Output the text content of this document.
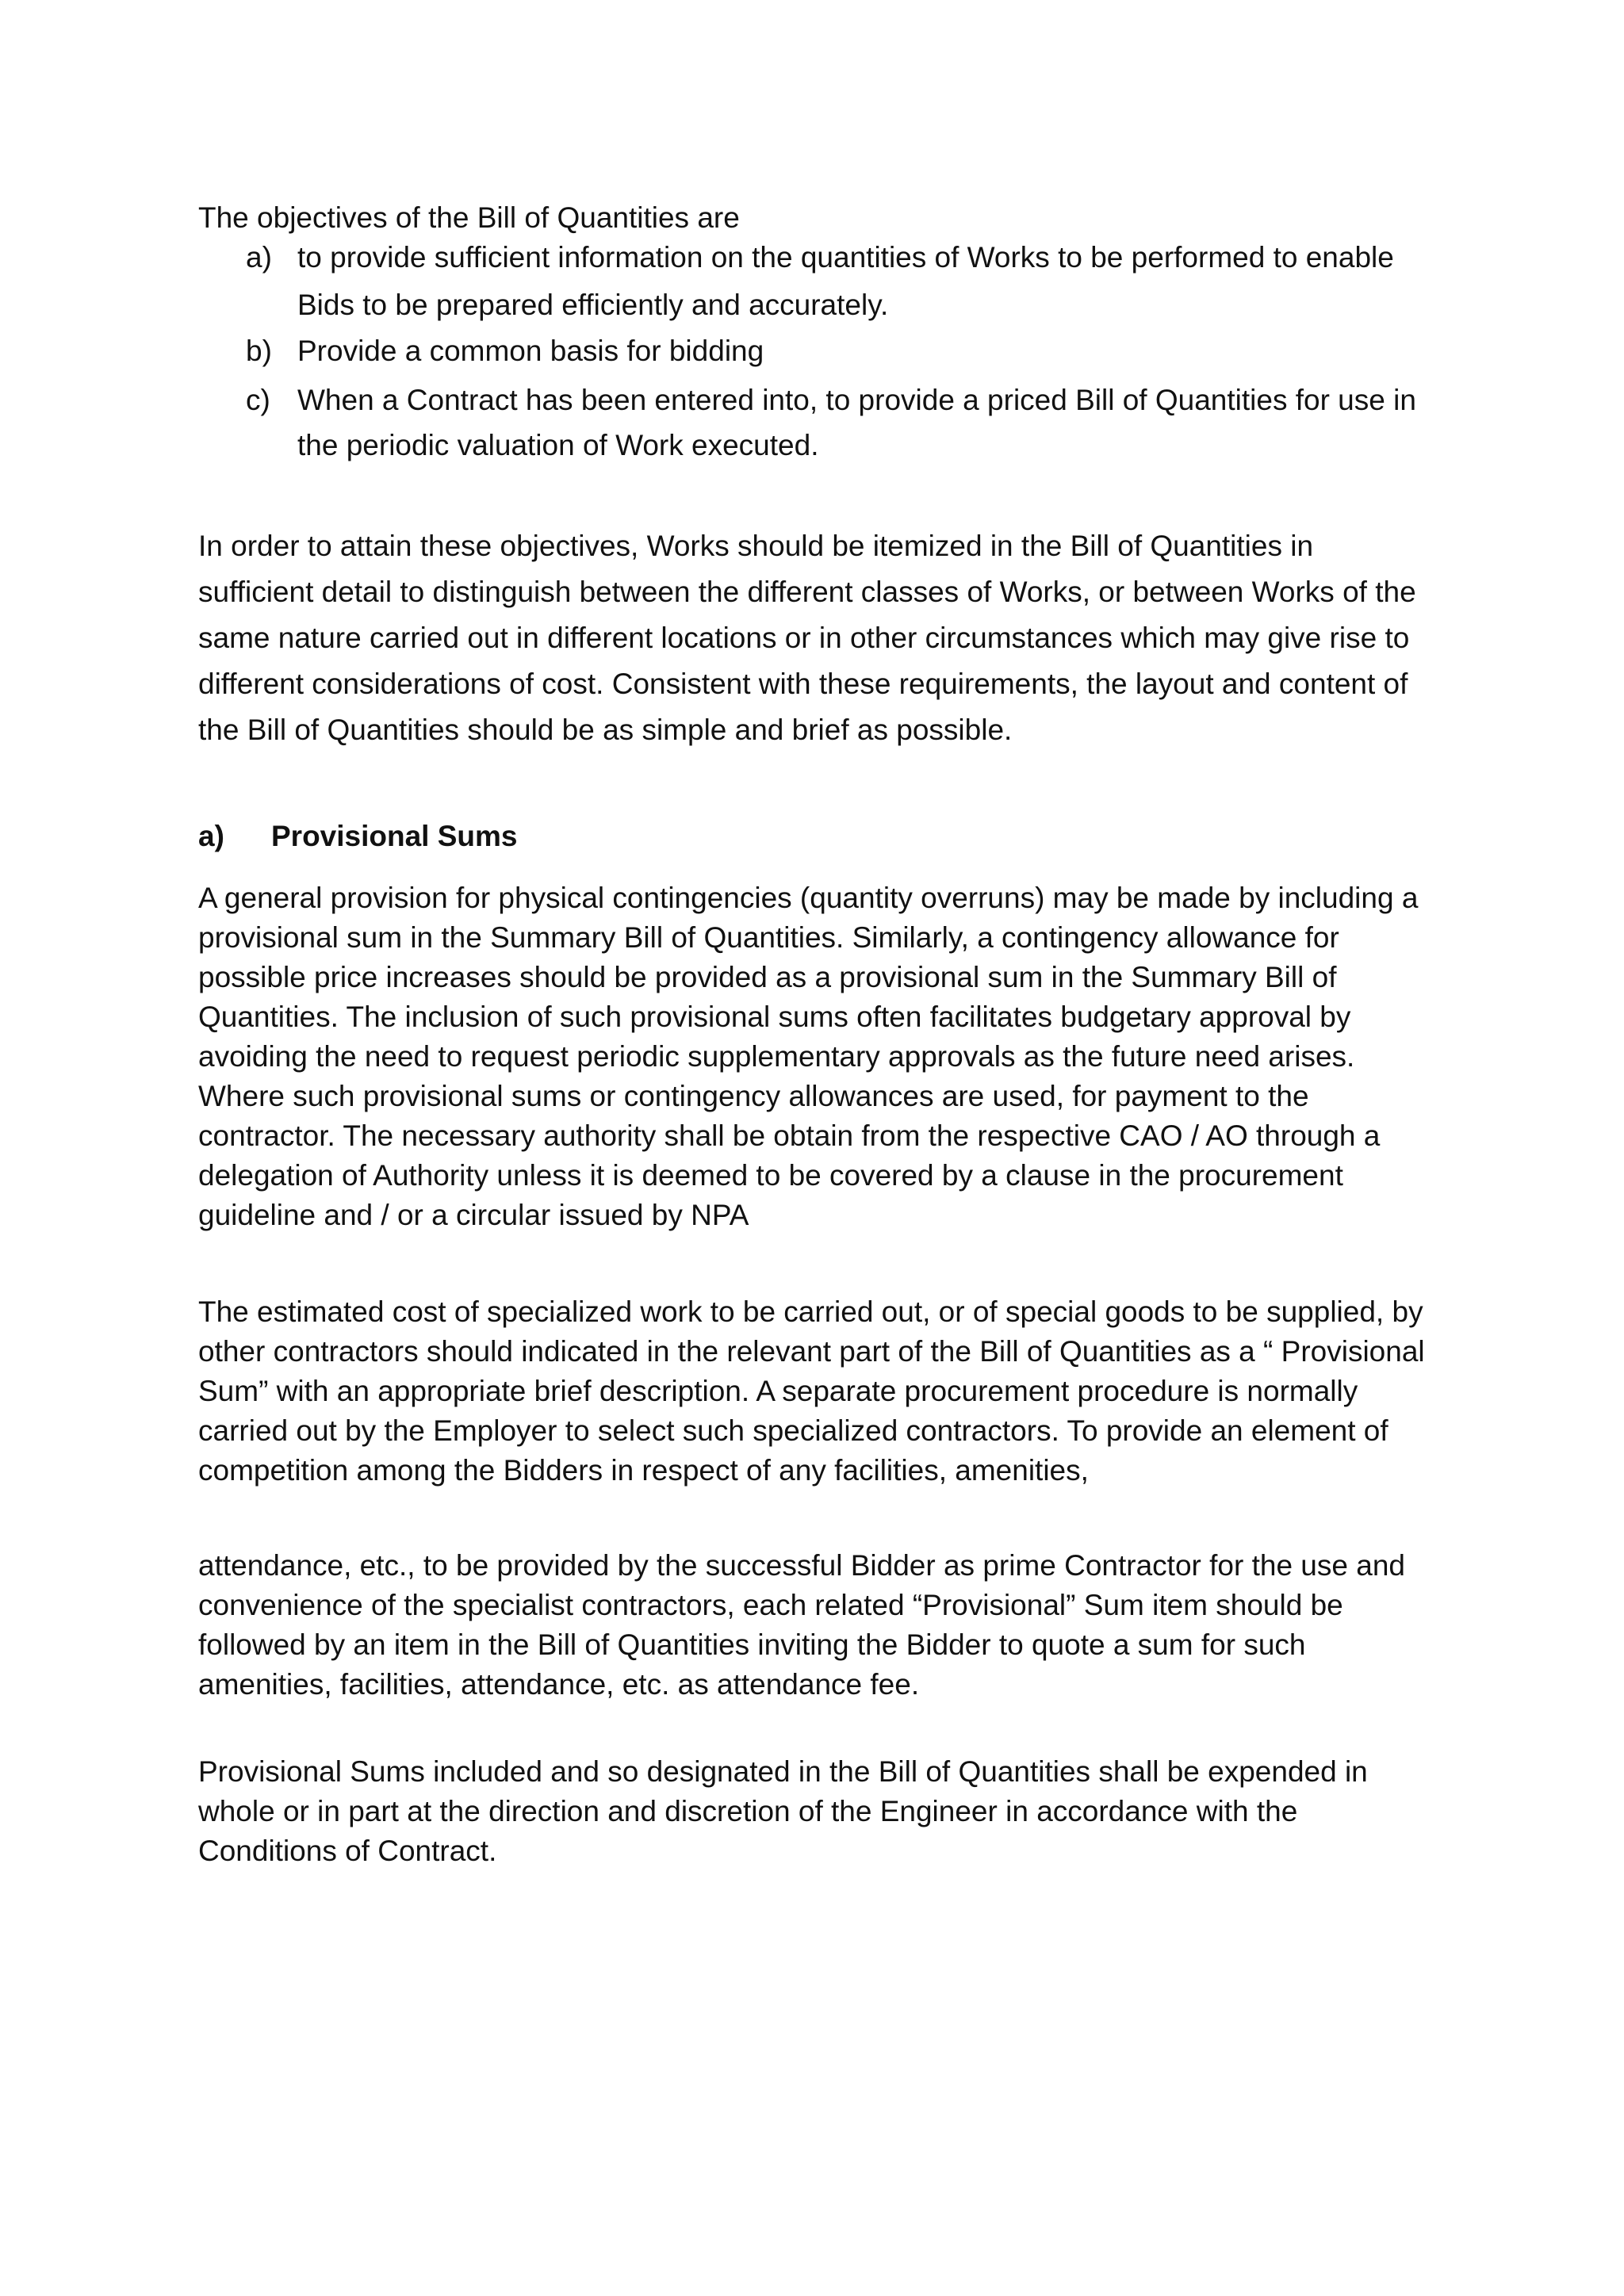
The objectives of the Bill of Quantities are

a) to provide sufficient information on the quantities of Works to be performed to enable
Bids to be prepared efficiently and accurately.
b) Provide a common basis for bidding
c) When a Contract has been entered into, to provide a priced Bill of Quantities for use in the periodic valuation of Work executed.

In order to attain these objectives, Works should be itemized in the Bill of Quantities in sufficient detail to distinguish between the different classes of Works, or between Works of the same nature carried out in different locations or in other circumstances which may give rise to different considerations of cost. Consistent with these requirements, the layout and content of the Bill of Quantities should be as simple and brief as possible.

a) Provisional Sums

A general provision for physical contingencies (quantity overruns) may be made by including a provisional sum in the Summary Bill of Quantities. Similarly, a contingency allowance for possible price increases should be provided as a provisional sum in the Summary Bill of Quantities. The inclusion of such provisional sums often facilitates budgetary approval by avoiding the need to request periodic supplementary approvals as the future need arises. Where such provisional sums or contingency allowances are used, for payment to the contractor. The necessary authority shall be obtain from the respective CAO / AO through a delegation of Authority unless it is deemed to be covered by a clause in the procurement guideline and / or a circular issued by NPA

The estimated cost of specialized work to be carried out, or of special goods to be supplied, by other contractors should indicated in the relevant part of the Bill of Quantities as a “ Provisional Sum” with an appropriate brief description. A separate procurement procedure is normally carried out by the Employer to select such specialized contractors. To provide an element of competition among the Bidders in respect of any facilities, amenities,

attendance, etc., to be provided by the successful Bidder as prime Contractor for the use and convenience of the specialist contractors, each related “Provisional” Sum item should be followed by an item in the Bill of Quantities inviting the Bidder to quote a sum for such amenities, facilities, attendance, etc. as attendance fee.

Provisional Sums included and so designated in the Bill of Quantities shall be expended in whole or in part at the direction and discretion of the Engineer in accordance with the Conditions of Contract.
